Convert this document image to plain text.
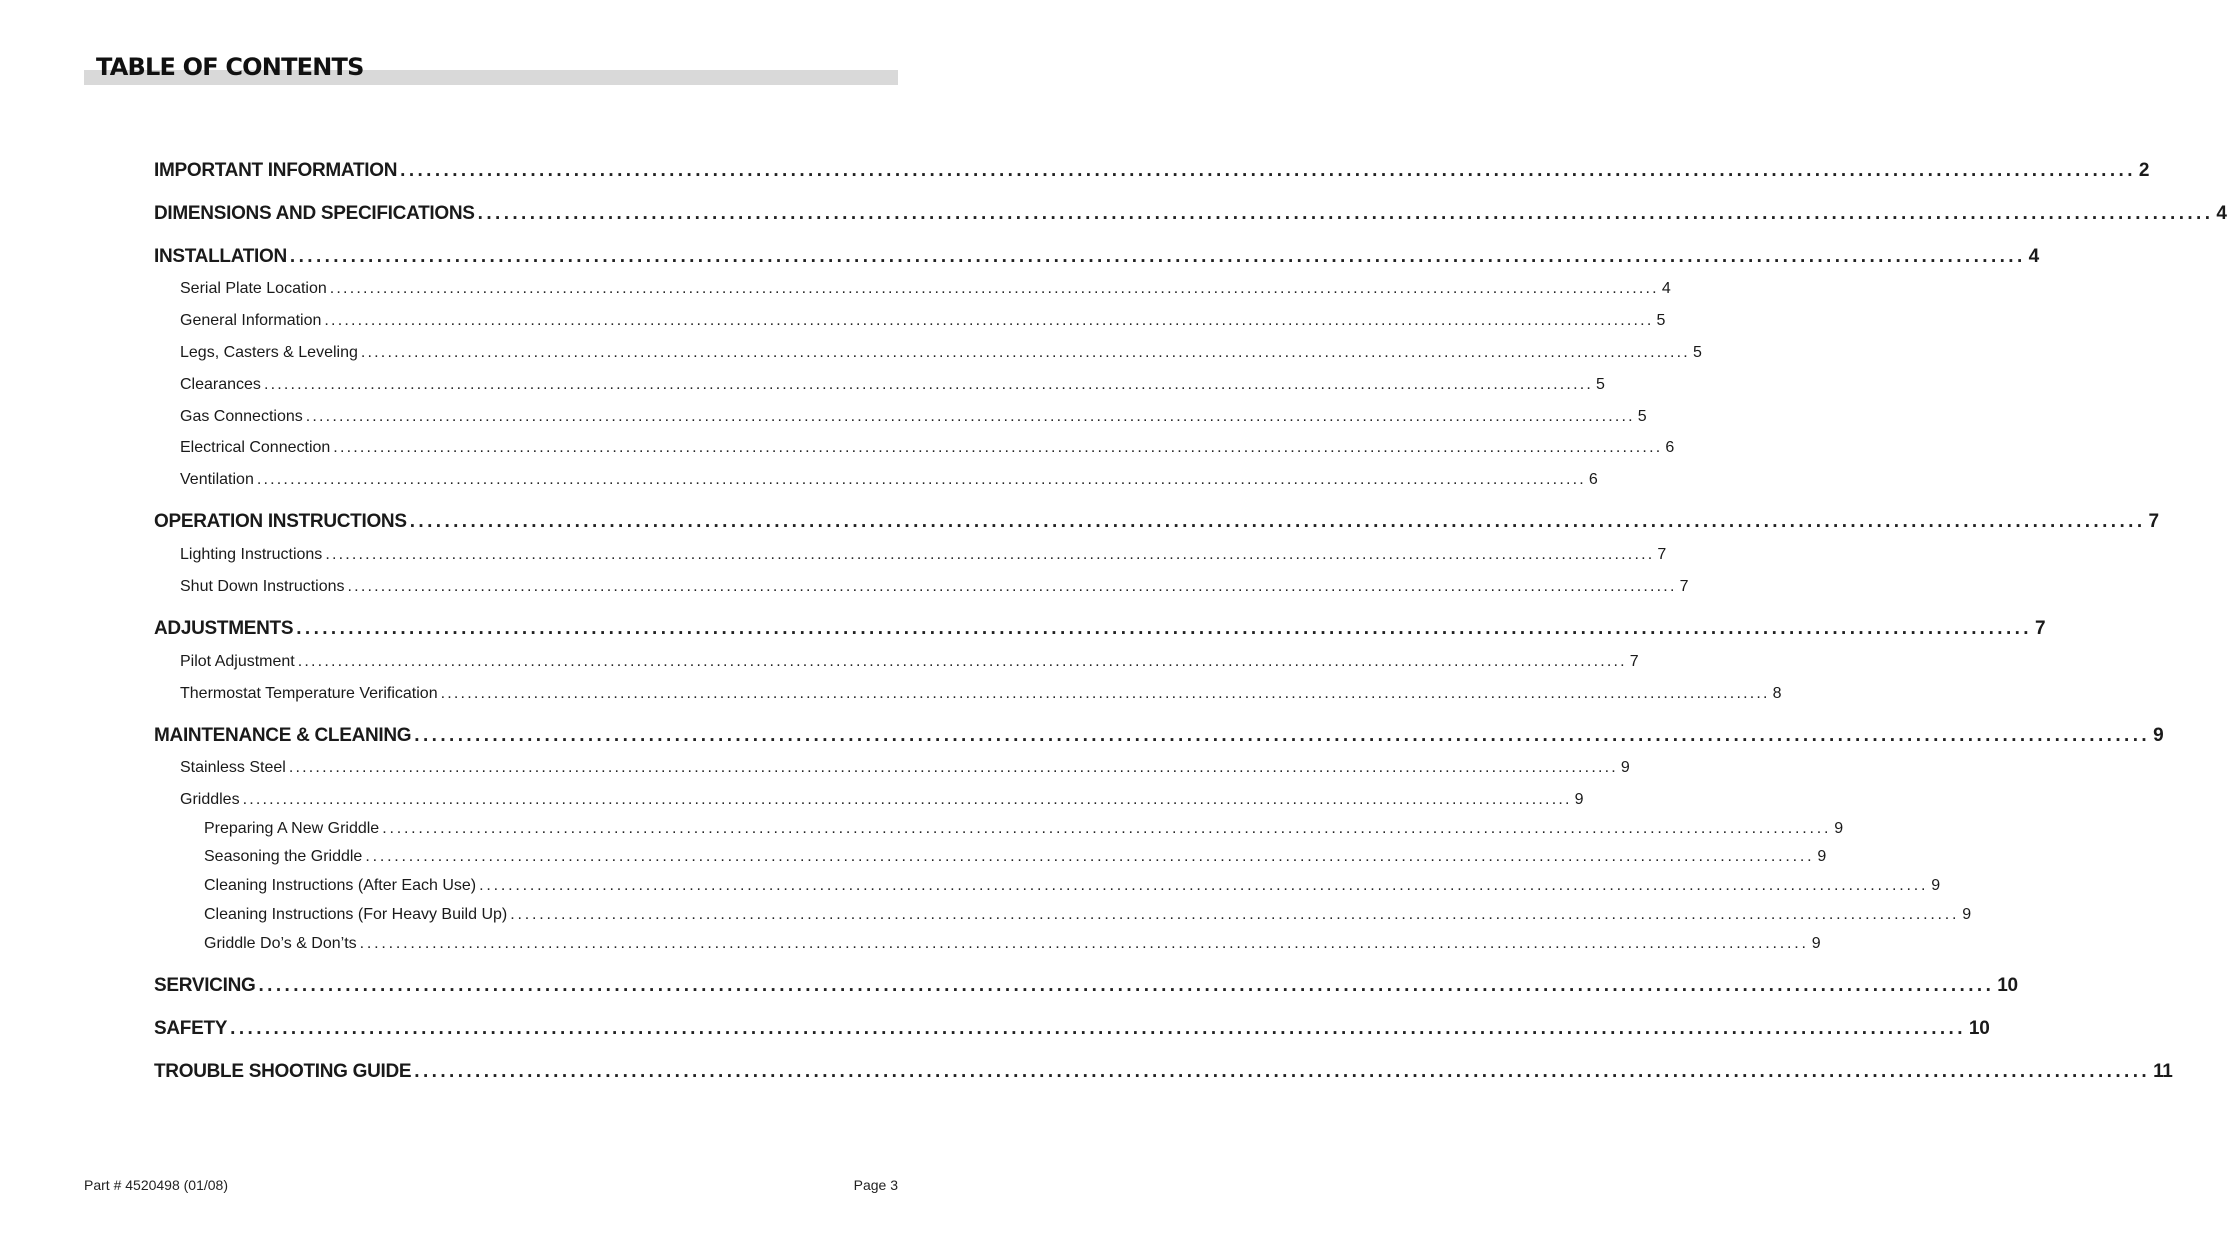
TABLE OF CONTENTS
IMPORTANT INFORMATION ........................................................................................................................................................................................................ 2
DIMENSIONS AND SPECIFICATIONS ........................................................................................................................................................................................................ 4
INSTALLATION ........................................................................................................................................................................................................ 4
Serial Plate Location ........................................................................................................................................................................................................ 4
General Information ........................................................................................................................................................................................................ 5
Legs, Casters & Leveling ........................................................................................................................................................................................................ 5
Clearances ........................................................................................................................................................................................................ 5
Gas Connections ........................................................................................................................................................................................................ 5
Electrical Connection ........................................................................................................................................................................................................ 6
Ventilation ........................................................................................................................................................................................................ 6
OPERATION INSTRUCTIONS ........................................................................................................................................................................................................ 7
Lighting Instructions ........................................................................................................................................................................................................ 7
Shut Down Instructions ........................................................................................................................................................................................................ 7
ADJUSTMENTS ........................................................................................................................................................................................................ 7
Pilot Adjustment ........................................................................................................................................................................................................ 7
Thermostat Temperature Verification ........................................................................................................................................................................................................ 8
MAINTENANCE & CLEANING ........................................................................................................................................................................................................ 9
Stainless Steel ........................................................................................................................................................................................................ 9
Griddles ........................................................................................................................................................................................................ 9
Preparing A New Griddle ........................................................................................................................................................................................................ 9
Seasoning the Griddle ........................................................................................................................................................................................................ 9
Cleaning Instructions (After Each Use) ........................................................................................................................................................................................................ 9
Cleaning Instructions (For Heavy Build Up) ........................................................................................................................................................................................................ 9
Griddle Do’s & Don’ts ........................................................................................................................................................................................................ 9
SERVICING ........................................................................................................................................................................................................ 10
SAFETY ........................................................................................................................................................................................................ 10
TROUBLE SHOOTING GUIDE ........................................................................................................................................................................................................ 11
Part # 4520498 (01/08)	Page 3
